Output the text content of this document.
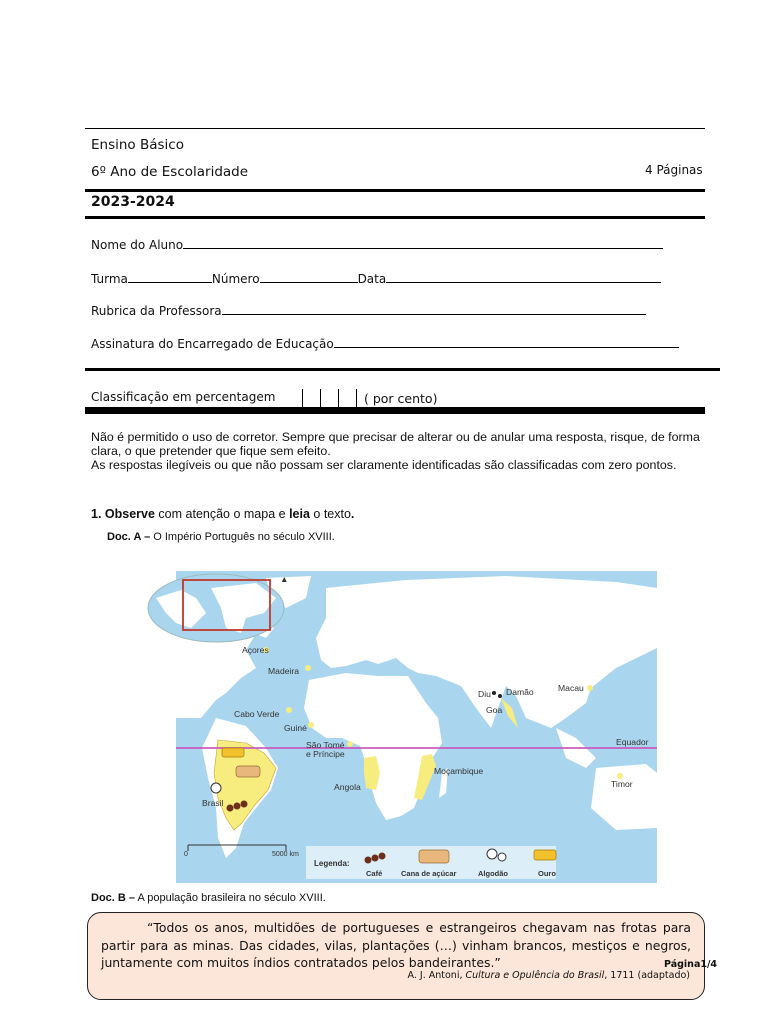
Ensino Básico
6º Ano de Escolaridade	4 Páginas
2023-2024
Nome do Aluno
Turma	Número	Data
Rubrica da Professora
Assinatura do Encarregado de Educação
Classificação em percentagem	( por cento)
Não é permitido o uso de corretor. Sempre que precisar de alterar ou de anular uma resposta, risque, de forma clara, o que pretender que fique sem efeito.
As respostas ilegíveis ou que não possam ser claramente identificadas são classificadas com zero pontos.
1. Observe com atenção o mapa e leia o texto.
Doc. A – O Império Português no século XVIII.
▲
Açores
Madeira
Cabo Verde
Guiné
São Tomé
e Príncipe
Brasil
Angola
Moçambique
Diu Damão
Goa
Macau
Timor
Equador
0	5000 km
Legenda:
Café Cana de açúcar	Algodão	Ouro
Doc. B – A população brasileira no século XVIII.
“Todos os anos, multidões de portugueses e estrangeiros chegavam nas frotas para partir para as minas. Das cidades, vilas, plantações (…) vinham brancos, mestiços e negros, juntamente com muitos índios contratados pelos bandeirantes.”
A. J. Antoni, Cultura e Opulência do Brasil, 1711 (adaptado)
Página1/4
